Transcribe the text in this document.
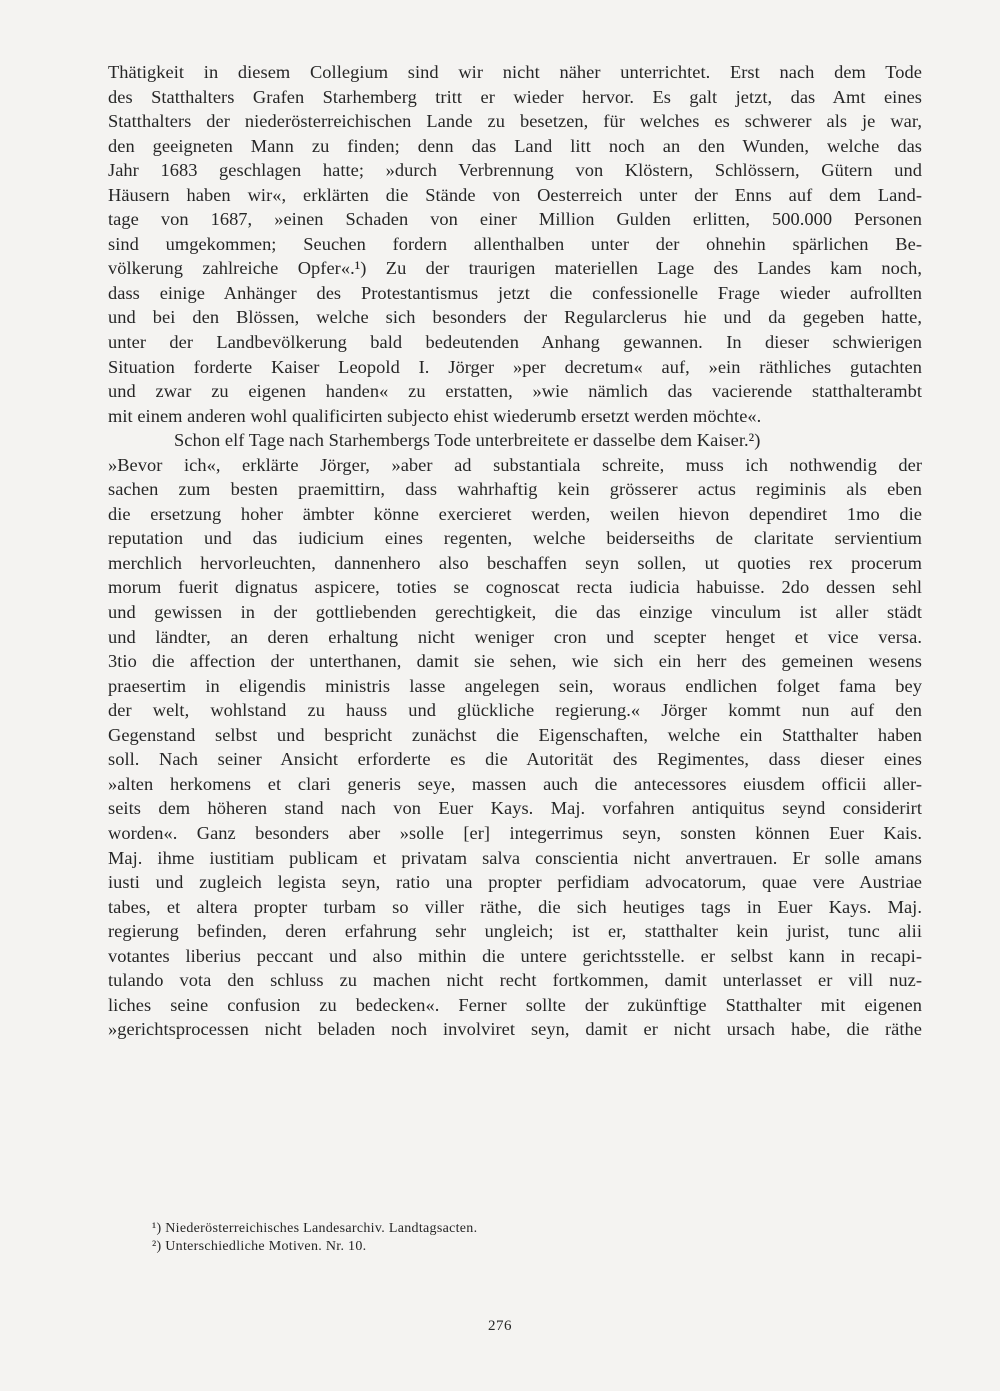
Thätigkeit in diesem Collegium sind wir nicht näher unterrichtet. Erst nach dem Tode
des Statthalters Grafen Starhemberg tritt er wieder hervor. Es galt jetzt, das Amt eines
Statthalters der niederösterreichischen Lande zu besetzen, für welches es schwerer als je war,
den geeigneten Mann zu finden; denn das Land litt noch an den Wunden, welche das
Jahr 1683 geschlagen hatte; »durch Verbrennung von Klöstern, Schlössern, Gütern und
Häusern haben wir«, erklärten die Stände von Oesterreich unter der Enns auf dem Land-
tage von 1687, »einen Schaden von einer Million Gulden erlitten, 500.000 Personen
sind umgekommen; Seuchen fordern allenthalben unter der ohnehin spärlichen Be-
völkerung zahlreiche Opfer«.¹) Zu der traurigen materiellen Lage des Landes kam noch,
dass einige Anhänger des Protestantismus jetzt die confessionelle Frage wieder aufrollten
und bei den Blössen, welche sich besonders der Regularclerus hie und da gegeben hatte,
unter der Landbevölkerung bald bedeutenden Anhang gewannen. In dieser schwierigen
Situation forderte Kaiser Leopold I. Jörger »per decretum« auf, »ein räthliches gutachten
und zwar zu eigenen handen« zu erstatten, »wie nämlich das vacierende statthalterambt
mit einem anderen wohl qualificirten subjecto ehist wiederumb ersetzt werden möchte«.
Schon elf Tage nach Starhembergs Tode unterbreitete er dasselbe dem Kaiser.²)
»Bevor ich«, erklärte Jörger, »aber ad substantiala schreite, muss ich nothwendig der
sachen zum besten praemittirn, dass wahrhaftig kein grösserer actus regiminis als eben
die ersetzung hoher ämbter könne exercieret werden, weilen hievon dependiret 1mo die
reputation und das iudicium eines regenten, welche beiderseiths de claritate servientium
merchlich hervorleuchten, dannenhero also beschaffen seyn sollen, ut quoties rex procerum
morum fuerit dignatus aspicere, toties se cognoscat recta iudicia habuisse. 2do dessen sehl
und gewissen in der gottliebenden gerechtigkeit, die das einzige vinculum ist aller städt
und ländter, an deren erhaltung nicht weniger cron und scepter henget et vice versa.
3tio die affection der unterthanen, damit sie sehen, wie sich ein herr des gemeinen wesens
praesertim in eligendis ministris lasse angelegen sein, woraus endlichen folget fama bey
der welt, wohlstand zu hauss und glückliche regierung.« Jörger kommt nun auf den
Gegenstand selbst und bespricht zunächst die Eigenschaften, welche ein Statthalter haben
soll. Nach seiner Ansicht erforderte es die Autorität des Regimentes, dass dieser eines
»alten herkomens et clari generis seye, massen auch die antecessores eiusdem officii aller-
seits dem höheren stand nach von Euer Kays. Maj. vorfahren antiquitus seynd considerirt
worden«. Ganz besonders aber »solle [er] integerrimus seyn, sonsten können Euer Kais.
Maj. ihme iustitiam publicam et privatam salva conscientia nicht anvertrauen. Er solle amans
iusti und zugleich legista seyn, ratio una propter perfidiam advocatorum, quae vere Austriae
tabes, et altera propter turbam so viller räthe, die sich heutiges tags in Euer Kays. Maj.
regierung befinden, deren erfahrung sehr ungleich; ist er, statthalter kein jurist, tunc alii
votantes liberius peccant und also mithin die untere gerichtsstelle. er selbst kann in recapi-
tulando vota den schluss zu machen nicht recht fortkommen, damit unterlasset er vill nuz-
liches seine confusion zu bedecken«. Ferner sollte der zukünftige Statthalter mit eigenen
»gerichtsprocessen nicht beladen noch involviret seyn, damit er nicht ursach habe, die räthe
¹) Niederösterreichisches Landesarchiv. Landtagsacten.
²) Unterschiedliche Motiven. Nr. 10.
276
